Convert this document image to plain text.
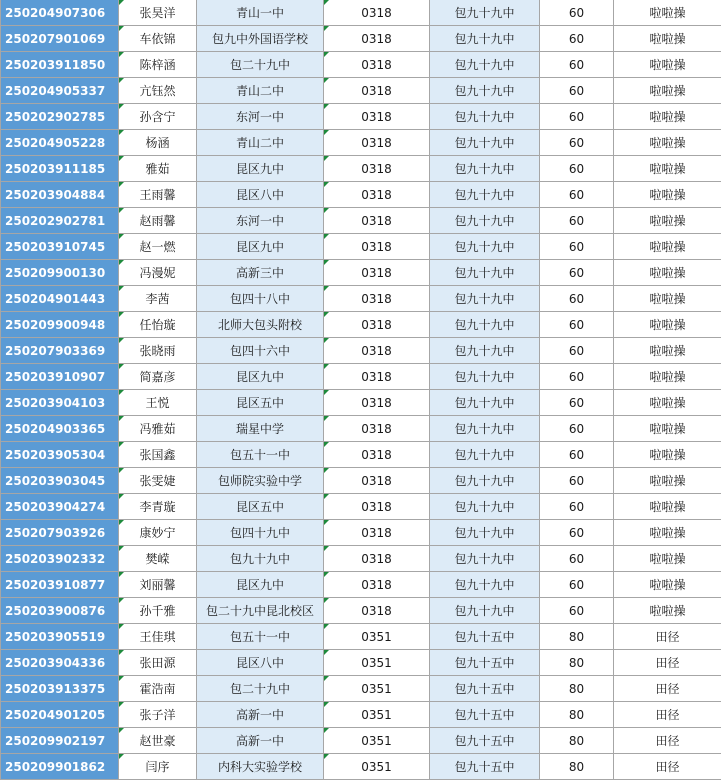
250204907306	张昊洋	青山一中	0318	包九十九中	60	啦啦操
250207901069	车依锦	包九中外国语学校	0318	包九十九中	60	啦啦操
250203911850	陈梓涵	包二十九中	0318	包九十九中	60	啦啦操
250204905337	亢钰然	青山二中	0318	包九十九中	60	啦啦操
250202902785	孙含宁	东河一中	0318	包九十九中	60	啦啦操
250204905228	杨涵	青山二中	0318	包九十九中	60	啦啦操
250203911185	雅茹	昆区九中	0318	包九十九中	60	啦啦操
250203904884	王雨馨	昆区八中	0318	包九十九中	60	啦啦操
250202902781	赵雨馨	东河一中	0318	包九十九中	60	啦啦操
250203910745	赵一燃	昆区九中	0318	包九十九中	60	啦啦操
250209900130	冯漫妮	高新三中	0318	包九十九中	60	啦啦操
250204901443	李茜	包四十八中	0318	包九十九中	60	啦啦操
250209900948	任怡璇	北师大包头附校	0318	包九十九中	60	啦啦操
250207903369	张晓雨	包四十六中	0318	包九十九中	60	啦啦操
250203910907	简嘉彦	昆区九中	0318	包九十九中	60	啦啦操
250203904103	王悦	昆区五中	0318	包九十九中	60	啦啦操
250204903365	冯雅茹	瑞星中学	0318	包九十九中	60	啦啦操
250203905304	张国鑫	包五十一中	0318	包九十九中	60	啦啦操
250203903045	张雯婕	包师院实验中学	0318	包九十九中	60	啦啦操
250203904274	李青璇	昆区五中	0318	包九十九中	60	啦啦操
250207903926	康妙宁	包四十九中	0318	包九十九中	60	啦啦操
250203902332	樊嵘	包九十九中	0318	包九十九中	60	啦啦操
250203910877	刘丽馨	昆区九中	0318	包九十九中	60	啦啦操
250203900876	孙千雅	包二十九中昆北校区	0318	包九十九中	60	啦啦操
250203905519	王佳琪	包五十一中	0351	包九十五中	80	田径
250203904336	张田源	昆区八中	0351	包九十五中	80	田径
250203913375	霍浩南	包二十九中	0351	包九十五中	80	田径
250204901205	张子洋	高新一中	0351	包九十五中	80	田径
250209902197	赵世豪	高新一中	0351	包九十五中	80	田径
250209901862	闫序	内科大实验学校	0351	包九十五中	80	田径
